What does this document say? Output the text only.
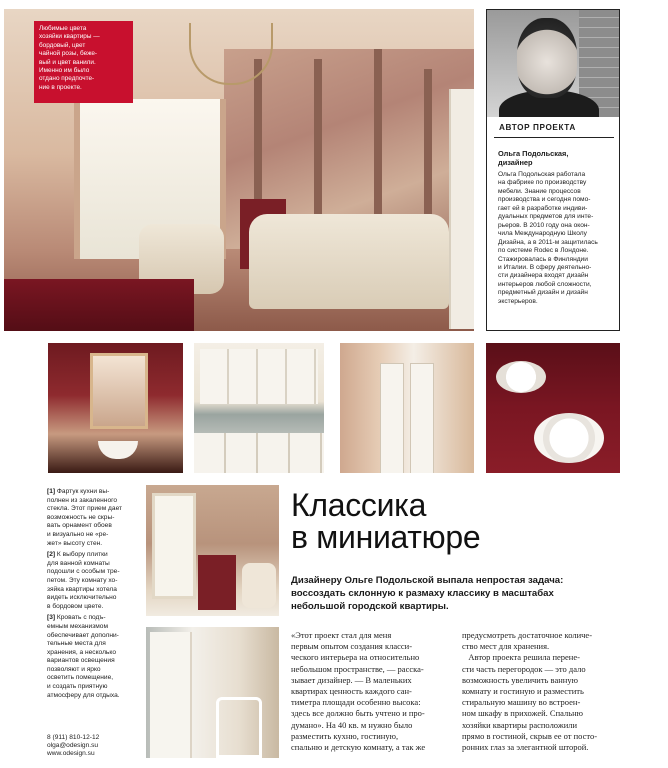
Любимые цвета
хозяйки квартиры —
бордовый, цвет
чайной розы, беже-
вый и цвет ванили.
Именно им было
отдано предпочте-
ние в проекте.
АВТОР ПРОЕКТА
Ольга Подольская,
дизайнер
Ольга Подольская работала
на фабрике по производству
мебели. Знание процессов
производства и сегодня помо-
гает ей в разработке индиви-
дуальных предметов для инте-
рьеров. В 2010 году она окон-
чила Международную Школу
Дизайна, а в 2011-м защитилась
по системе Rodec в Лондоне.
Стажировалась в Финляндии
и Италии. В сферу деятельно-
сти дизайнера входят дизайн
интерьеров любой сложности,
предметный дизайн и дизайн
экстерьеров.

[1] Фартук кухни вы-
полнен из закаленного
стекла. Этот прием дает
возможность не скры-
вать орнамент обоев
и визуально не «ре-
жет» высоту стен.

[2] К выбору плитки
для ванной комнаты
подошли с особым тре-
петом. Эту комнату хо-
зяйка квартиры хотела
видеть исключительно
в бордовом цвете.

[3] Кровать с подъ-
емным механизмом
обеспечивает дополни-
тельные места для
хранения, а несколько
вариантов освещения
позволяют и ярко
осветить помещение,
и создать приятную
атмосферу для отдыха.

8 (911) 810-12-12
olga@odesign.su
www.odesign.su
Классика
в миниатюре
Дизайнеру Ольге Подольской выпала непростая задача:
воссоздать склонную к размаху классику в масштабах
небольшой городской квартиры.
«Этот проект стал для меня
первым опытом создания класси-
ческого интерьера на относительно
небольшом пространстве, — расска-
зывает дизайнер. — В маленьких
квартирах ценность каждого сан-
тиметра площади особенно высока:
здесь все должно быть учтено и про-
думано». На 40 кв. м нужно было
разместить кухню, гостиную,
спальню и детскую комнату, а так же
предусмотреть достаточное количе-
ство мест для хранения.
Автор проекта решила перене-
сти часть перегородок — это дало
возможность увеличить ванную
комнату и гостиную и разместить
стиральную машину во встроен-
ном шкафу в прихожей. Спальню
хозяйки квартиры расположили
прямо в гостиной, скрыв ее от посто-
ронних глаз за элегантной шторой.
